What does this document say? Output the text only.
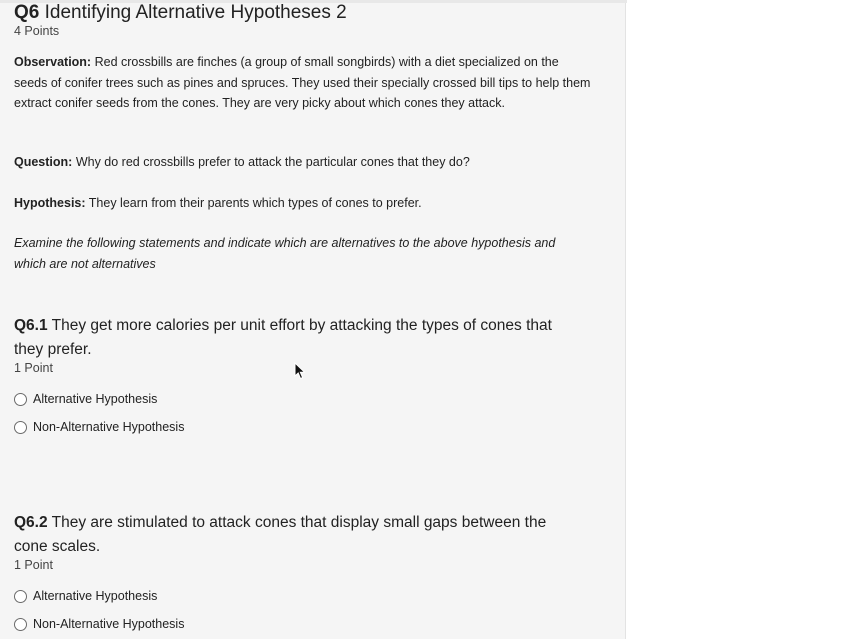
Q6 Identifying Alternative Hypotheses 2
4 Points
Observation: Red crossbills are finches (a group of small songbirds) with a diet specialized on the seeds of conifer trees such as pines and spruces. They used their specially crossed bill tips to help them extract conifer seeds from the cones. They are very picky about which cones they attack.
Question: Why do red crossbills prefer to attack the particular cones that they do?
Hypothesis: They learn from their parents which types of cones to prefer.
Examine the following statements and indicate which are alternatives to the above hypothesis and which are not alternatives
Q6.1 They get more calories per unit effort by attacking the types of cones that they prefer.
1 Point
Alternative Hypothesis
Non-Alternative Hypothesis
Q6.2 They are stimulated to attack cones that display small gaps between the cone scales.
1 Point
Alternative Hypothesis
Non-Alternative Hypothesis
